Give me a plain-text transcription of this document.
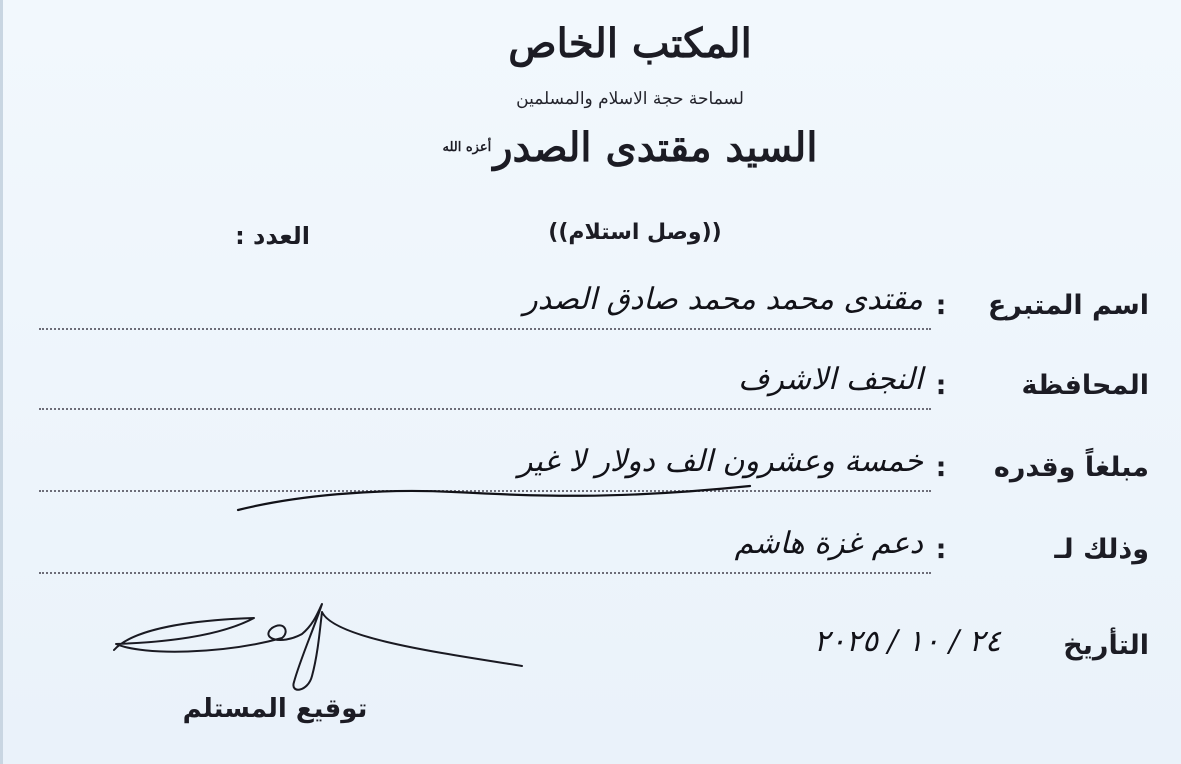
المكتب الخاص
لسماحة حجة الاسلام والمسلمين
السيد مقتدى الصدر$^{أعزه الله}$
((وصل استلام))
العدد :
اسم المتبرع
:
مقتدى محمد محمد صادق الصدر
المحافظة
:
النجف الاشرف
مبلغاً وقدره
:
خمسة وعشرون الف دولار لا غير
وذلك لـ
:
دعم غزة هاشم
التأريخ
٢٤ / ١٠ / ٢٠٢٥
توقيع المستلم
